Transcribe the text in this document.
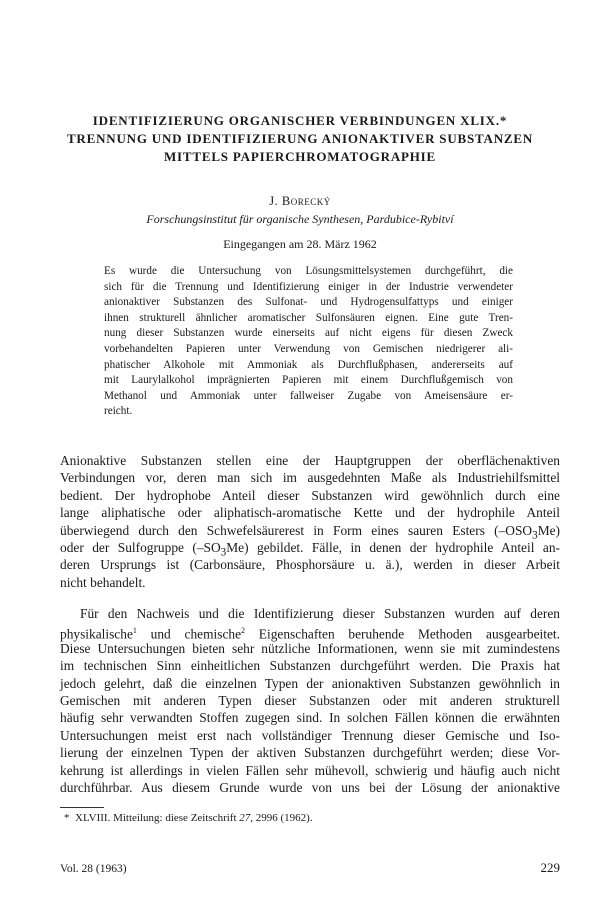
IDENTIFIZIERUNG ORGANISCHER VERBINDUNGEN XLIX.*
TRENNUNG UND IDENTIFIZIERUNG ANIONAKTIVER SUBSTANZEN
MITTELS PAPIERCHROMATOGRAPHIE
J. Borecký
Forschungsinstitut für organische Synthesen, Pardubice-Rybitví
Eingegangen am 28. März 1962
Es wurde die Untersuchung von Lösungsmittelsystemen durchgeführt, die
sich für die Trennung und Identifizierung einiger in der Industrie verwendeter
anionaktiver Substanzen des Sulfonat- und Hydrogensulfattyps und einiger
ihnen strukturell ähnlicher aromatischer Sulfonsäuren eignen. Eine gute Tren-
nung dieser Substanzen wurde einerseits auf nicht eigens für diesen Zweck
vorbehandelten Papieren unter Verwendung von Gemischen niedrigerer ali-
phatischer Alkohole mit Ammoniak als Durchflußphasen, andererseits auf
mit Laurylalkohol imprägnierten Papieren mit einem Durchflußgemisch von
Methanol und Ammoniak unter fallweiser Zugabe von Ameisensäure er-
reicht.
Anionaktive Substanzen stellen eine der Hauptgruppen der oberflächenaktiven
Verbindungen vor, deren man sich im ausgedehnten Maße als Industriehilfsmittel
bedient. Der hydrophobe Anteil dieser Substanzen wird gewöhnlich durch eine
lange aliphatische oder aliphatisch-aromatische Kette und der hydrophile Anteil
überwiegend durch den Schwefelsäurerest in Form eines sauren Esters $(-OSO_3Me)$
oder der Sulfogruppe $(-SO_3Me)$ gebildet. Fälle, in denen der hydrophile Anteil an-
deren Ursprungs ist (Carbonsäure, Phosphorsäure u. ä.), werden in dieser Arbeit
nicht behandelt.
Für den Nachweis und die Identifizierung dieser Substanzen wurden auf deren
physikalische$^1$ und chemische$^2$ Eigenschaften beruhende Methoden ausgearbeitet.
Diese Untersuchungen bieten sehr nützliche Informationen, wenn sie mit zumindestens
im technischen Sinn einheitlichen Substanzen durchgeführt werden. Die Praxis hat
jedoch gelehrt, daß die einzelnen Typen der anionaktiven Substanzen gewöhnlich in
Gemischen mit anderen Typen dieser Substanzen oder mit anderen strukturell
häufig sehr verwandten Stoffen zugegen sind. In solchen Fällen können die erwähnten
Untersuchungen meist erst nach vollständiger Trennung dieser Gemische und Iso-
lierung der einzelnen Typen der aktiven Substanzen durchgeführt werden; diese Vor-
kehrung ist allerdings in vielen Fällen sehr mühevoll, schwierig und häufig auch nicht
durchführbar. Aus diesem Grunde wurde von uns bei der Lösung der anionaktive
* XLVIII. Mitteilung: diese Zeitschrift 27, 2996 (1962).
Vol. 28 (1963)	229
